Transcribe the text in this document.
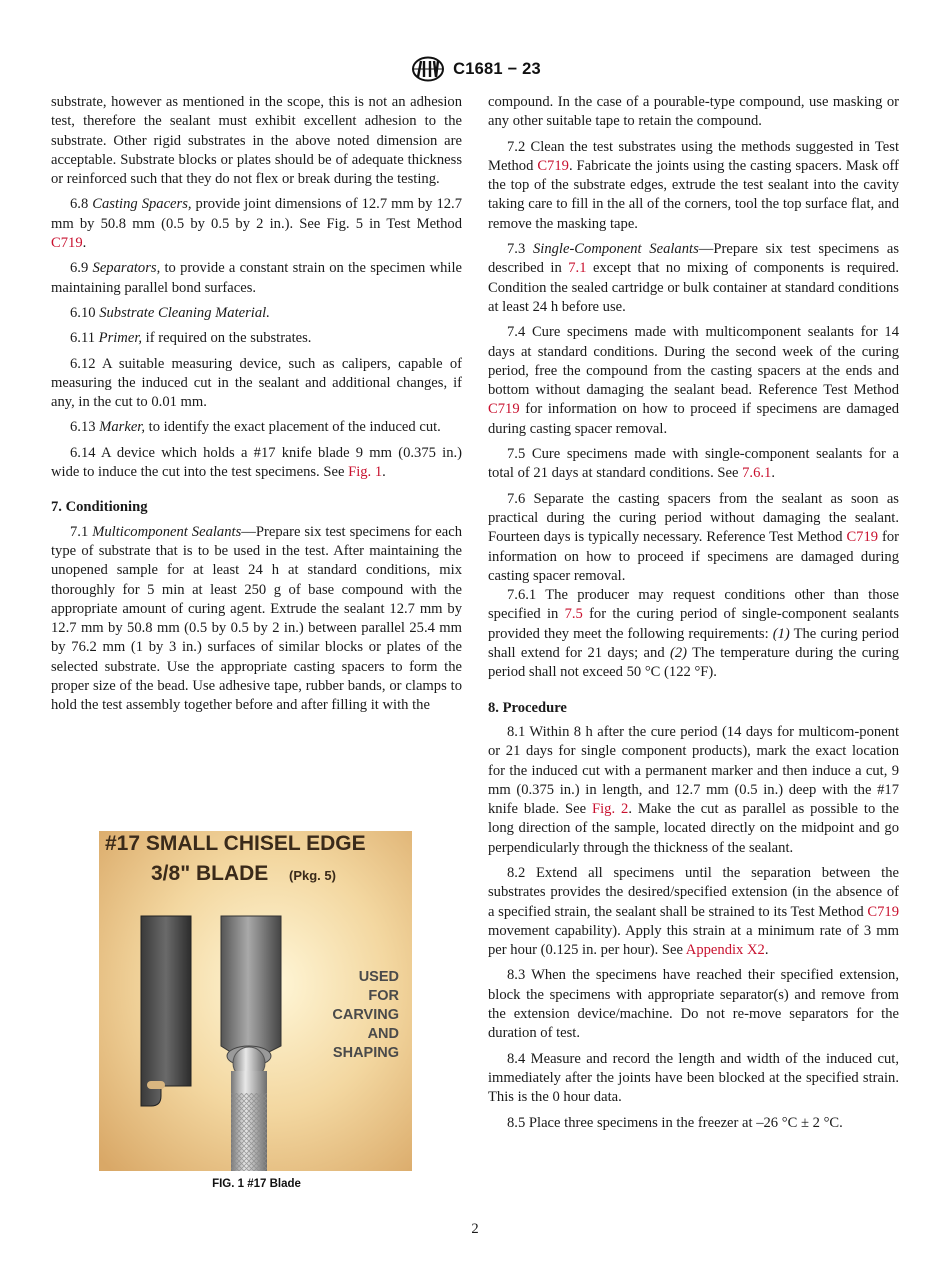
C1681 − 23

substrate, however as mentioned in the scope, this is not an adhesion test, therefore the sealant must exhibit excellent adhesion to the substrate. Other rigid substrates in the above noted dimension are acceptable. Substrate blocks or plates should be of adequate thickness or reinforced such that they do not flex or break during the testing.

6.8 Casting Spacers, provide joint dimensions of 12.7 mm by 12.7 mm by 50.8 mm (0.5 by 0.5 by 2 in.). See Fig. 5 in Test Method C719.

6.9 Separators, to provide a constant strain on the specimen while maintaining parallel bond surfaces.

6.10 Substrate Cleaning Material.

6.11 Primer, if required on the substrates.

6.12 A suitable measuring device, such as calipers, capable of measuring the induced cut in the sealant and additional changes, if any, in the cut to 0.01 mm.

6.13 Marker, to identify the exact placement of the induced cut.

6.14 A device which holds a #17 knife blade 9 mm (0.375 in.) wide to induce the cut into the test specimens. See Fig. 1.

7. Conditioning

7.1 Multicomponent Sealants—Prepare six test specimens for each type of substrate that is to be used in the test. After maintaining the unopened sample for at least 24 h at standard conditions, mix thoroughly for 5 min at least 250 g of base compound with the appropriate amount of curing agent. Extrude the sealant 12.7 mm by 12.7 mm by 50.8 mm (0.5 by 0.5 by 2 in.) between parallel 25.4 mm by 76.2 mm (1 by 3 in.) surfaces of similar blocks or plates of the selected substrate. Use the appropriate casting spacers to form the proper size of the bead. Use adhesive tape, rubber bands, or clamps to hold the test assembly together before and after filling it with the

#17 SMALL CHISEL EDGE
3/8" BLADE (Pkg. 5)
USED
FOR
CARVING
AND
SHAPING
FIG. 1 #17 Blade

compound. In the case of a pourable-type compound, use masking or any other suitable tape to retain the compound.

7.2 Clean the test substrates using the methods suggested in Test Method C719. Fabricate the joints using the casting spacers. Mask off the top of the substrate edges, extrude the test sealant into the cavity taking care to fill in the all of the corners, tool the top surface flat, and remove the masking tape.

7.3 Single-Component Sealants—Prepare six test specimens as described in 7.1 except that no mixing of components is required. Condition the sealed cartridge or bulk container at standard conditions at least 24 h before use.

7.4 Cure specimens made with multicomponent sealants for 14 days at standard conditions. During the second week of the curing period, free the compound from the casting spacers at the ends and bottom without damaging the sealant bead. Reference Test Method C719 for information on how to proceed if specimens are damaged during casting spacer removal.

7.5 Cure specimens made with single-component sealants for a total of 21 days at standard conditions. See 7.6.1.

7.6 Separate the casting spacers from the sealant as soon as practical during the curing period without damaging the sealant. Fourteen days is typically necessary. Reference Test Method C719 for information on how to proceed if specimens are damaged during casting spacer removal.

7.6.1 The producer may request conditions other than those specified in 7.5 for the curing period of single-component sealants provided they meet the following requirements: (1) The curing period shall extend for 21 days; and (2) The temperature during the curing period shall not exceed 50 °C (122 °F).

8. Procedure

8.1 Within 8 h after the cure period (14 days for multicom-ponent or 21 days for single component products), mark the exact location for the induced cut with a permanent marker and then induce a cut, 9 mm (0.375 in.) in length, and 12.7 mm (0.5 in.) deep with the #17 knife blade. See Fig. 2. Make the cut as parallel as possible to the long direction of the sample, located directly on the midpoint and go perpendicularly through the thickness of the sealant.

8.2 Extend all specimens until the separation between the substrates provides the desired/specified extension (in the absence of a specified strain, the sealant shall be strained to its Test Method C719 movement capability). Apply this strain at a minimum rate of 3 mm per hour (0.125 in. per hour). See Appendix X2.

8.3 When the specimens have reached their specified extension, block the specimens with appropriate separator(s) and remove from the extension device/machine. Do not re-move separators for the duration of test.

8.4 Measure and record the length and width of the induced cut, immediately after the joints have been blocked at the specified strain. This is the 0 hour data.

8.5 Place three specimens in the freezer at –26 °C ± 2 °C.

2
